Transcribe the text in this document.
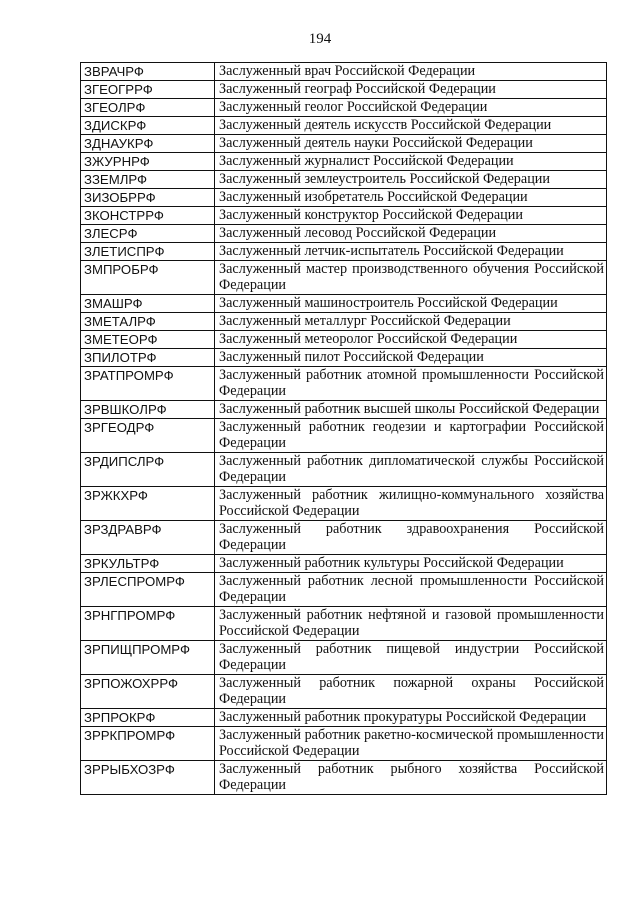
194
ЗВРАЧРФ	Заслуженный врач Российской Федерации
ЗГЕОГРРФ	Заслуженный географ Российской Федерации
ЗГЕОЛРФ	Заслуженный геолог Российской Федерации
ЗДИСКРФ	Заслуженный деятель искусств Российской Федерации
ЗДНАУКРФ	Заслуженный деятель науки Российской Федерации
ЗЖУРНРФ	Заслуженный журналист Российской Федерации
ЗЗЕМЛРФ	Заслуженный землеустроитель Российской Федерации
ЗИЗОБРРФ	Заслуженный изобретатель Российской Федерации
ЗКОНСТРРФ	Заслуженный конструктор Российской Федерации
ЗЛЕСРФ	Заслуженный лесовод Российской Федерации
ЗЛЕТИСПРФ	Заслуженный летчик-испытатель Российской Федерации
ЗМПРОБРФ	Заслуженный мастер производственного обучения Российской Федерации
ЗМАШРФ	Заслуженный машиностроитель Российской Федерации
ЗМЕТАЛРФ	Заслуженный металлург Российской Федерации
ЗМЕТЕОРФ	Заслуженный метеоролог Российской Федерации
ЗПИЛОТРФ	Заслуженный пилот Российской Федерации
ЗРАТПРОМРФ	Заслуженный работник атомной промышленности Российской Федерации
ЗРВШКОЛРФ	Заслуженный работник высшей школы Российской Федерации
ЗРГЕОДРФ	Заслуженный работник геодезии и картографии Российской Федерации
ЗРДИПСЛРФ	Заслуженный работник дипломатической службы Российской Федерации
ЗРЖКХРФ	Заслуженный работник жилищно-коммунального хозяйства Российской Федерации
ЗРЗДРАВРФ	Заслуженный работник здравоохранения Российской Федерации
ЗРКУЛЬТРФ	Заслуженный работник культуры Российской Федерации
ЗРЛЕСПРОМРФ	Заслуженный работник лесной промышленности Российской Федерации
ЗРНГПРОМРФ	Заслуженный работник нефтяной и газовой промышленности Российской Федерации
ЗРПИЩПРОМРФ	Заслуженный работник пищевой индустрии Российской Федерации
ЗРПОЖОХРРФ	Заслуженный работник пожарной охраны Российской Федерации
ЗРПРОКРФ	Заслуженный работник прокуратуры Российской Федерации
ЗРРКПРОМРФ	Заслуженный работник ракетно-космической промышленности Российской Федерации
ЗРРЫБХОЗРФ	Заслуженный работник рыбного хозяйства Российской Федерации
